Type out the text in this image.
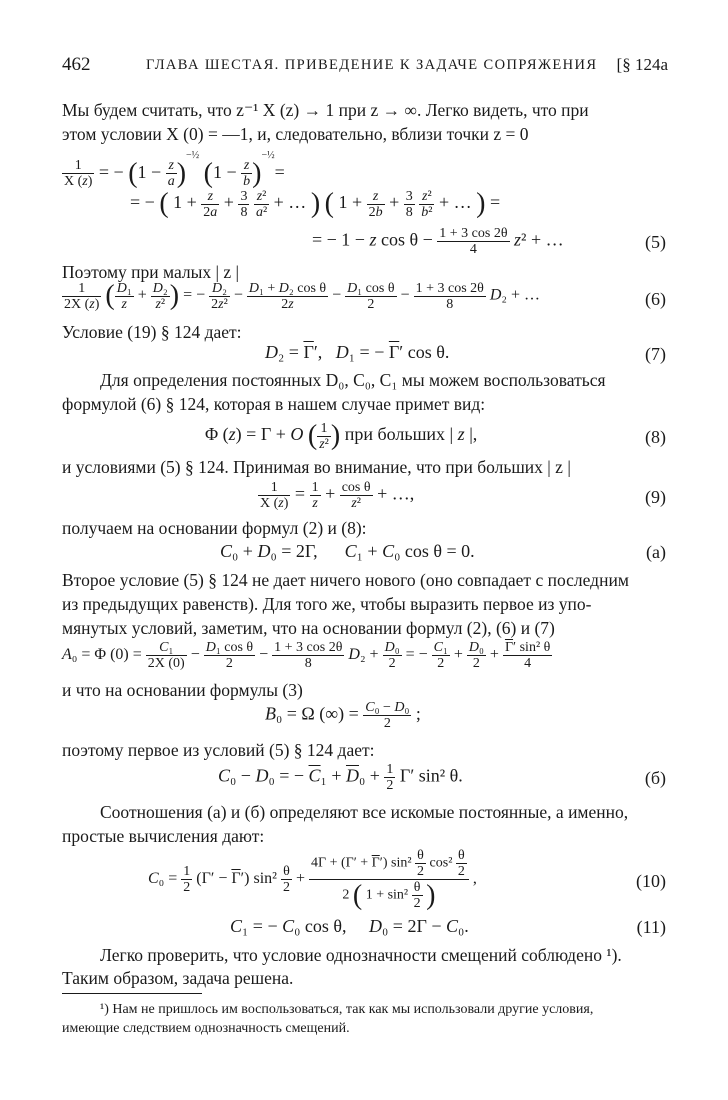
462	ГЛАВА ШЕСТАЯ. ПРИВЕДЕНИЕ К ЗАДАЧЕ СОПРЯЖЕНИЯ [§ 124а
Мы будем считать, что z⁻¹ X (z) → 1 при z → ∞. Легко видеть, что при
этом условии X (0) = —1, и, следовательно, вблизи точки z = 0
$\frac{1}{X (z)}$ = − $(1 - \frac{z}{a} )^{-\frac{1}{2}}$ $(1 - \frac{z}{b} )^{-\frac{1}{2}}=$
= − ( $1 + \frac{z}{2a} + \frac{3}{8}$
$\frac{\text{z²}}{\text{a²}}$ + … ) ( $1 + \frac{z}{2b} + \frac{3}{8}$
$\frac{\text{z²}}{\text{b²}}$ + … ) =
= − 1 − z $\cos \theta - \frac{1 + 3 \cos 2\theta}{4} z^2$ + …	(5)
Поэтому при малых | z |
$\frac{1}{2X (z)}$ ( $\frac{\text{D₁}}{z} + \frac{\text{D₂}}{\text{z²}}$ ) = − $\frac{\text{D₂}}{\text{2z²}} - \frac{\text{D₁ + D₂ cos θ}}{2z} - \frac{\text{D₁ cos θ}}{2} - \frac{1 + 3 \cos 2\theta}{8} D_2$ + …	(6)
Условие (19) § 124 дает:
$D_2 = \overline{\Gamma}'$,   D₁ = − $\overline{\Gamma}'$ cos θ.	(7)
Для определения постоянных D₀, C₀, C₁ мы можем воспользоваться
формулой (6) § 124, которая в нашем случае примет вид:
Φ (z) = Γ + O ( $\frac{1}{\text{z²}}$ ) при больших | z |,	(8)
и условиями (5) § 124. Принимая во внимание, что при больших | z |
$\frac{1}{X (z)} = \frac{1}{z} + \frac{\text{cos θ}}{\text{z²}}$ + …,	(9)
получаем на основании формул (2) и (8):
C₀ + D₀ = 2Γ,      C₁ + C₀ cos θ = 0.	(а)
Второе условие (5) § 124 не дает ничего нового (оно совпадает с последним
из предыдущих равенств). Для того же, чтобы выразить первое из упо-
мянутых условий, заметим, что на основании формул (2), (6) и (7)
A₀ = Φ $(0) = \frac{\text{C₁}}{2X (0)} - \frac{\text{D₁ cos θ}}{2} - \frac{1 + 3 \cos 2\theta}{8} D_2 + \frac{\text{D₀}}{2}$ = − $\frac{\text{C₁}}{2} + \frac{\text{D₀}}{2} + \frac{\overline{\Gamma}' \sin^2 \theta}{4}$
и что на основании формулы (3)
B₀ = Ω (∞) = $\frac{\text{C₀ − D₀}}{2}$ ;
поэтому первое из условий (5) § 124 дает:
C₀ − D₀ = − $\overline{C}_1 + \overline{D}_0 + \frac{1}{2} \Gamma'$ sin² θ.	(б)
Соотношения (а) и (б) определяют все искомые постоянные, а именно,
простые вычисления дают:
$C_0 = \frac{1}{2} (\Gamma' - \overline{\Gamma}')$ $\sin^2 \frac{\theta}{2} + \frac{4\Gamma + (\Gamma' + \overline{\Gamma}') \sin^2 \frac{\theta}{2} \cos^2 \frac{\theta}{2}}{2 ( 1 + \sin^2 \frac{\theta}{2} )}$ ,	(10)
C₁ = − C₀ cos θ,     D₀ = 2Γ − C₀.	(11)
Легко проверить, что условие однозначности смещений соблюдено ¹).
Таким образом, задача решена.
¹) Нам не пришлось им воспользоваться, так как мы использовали другие условия,
имеющие следствием однозначность смещений.
